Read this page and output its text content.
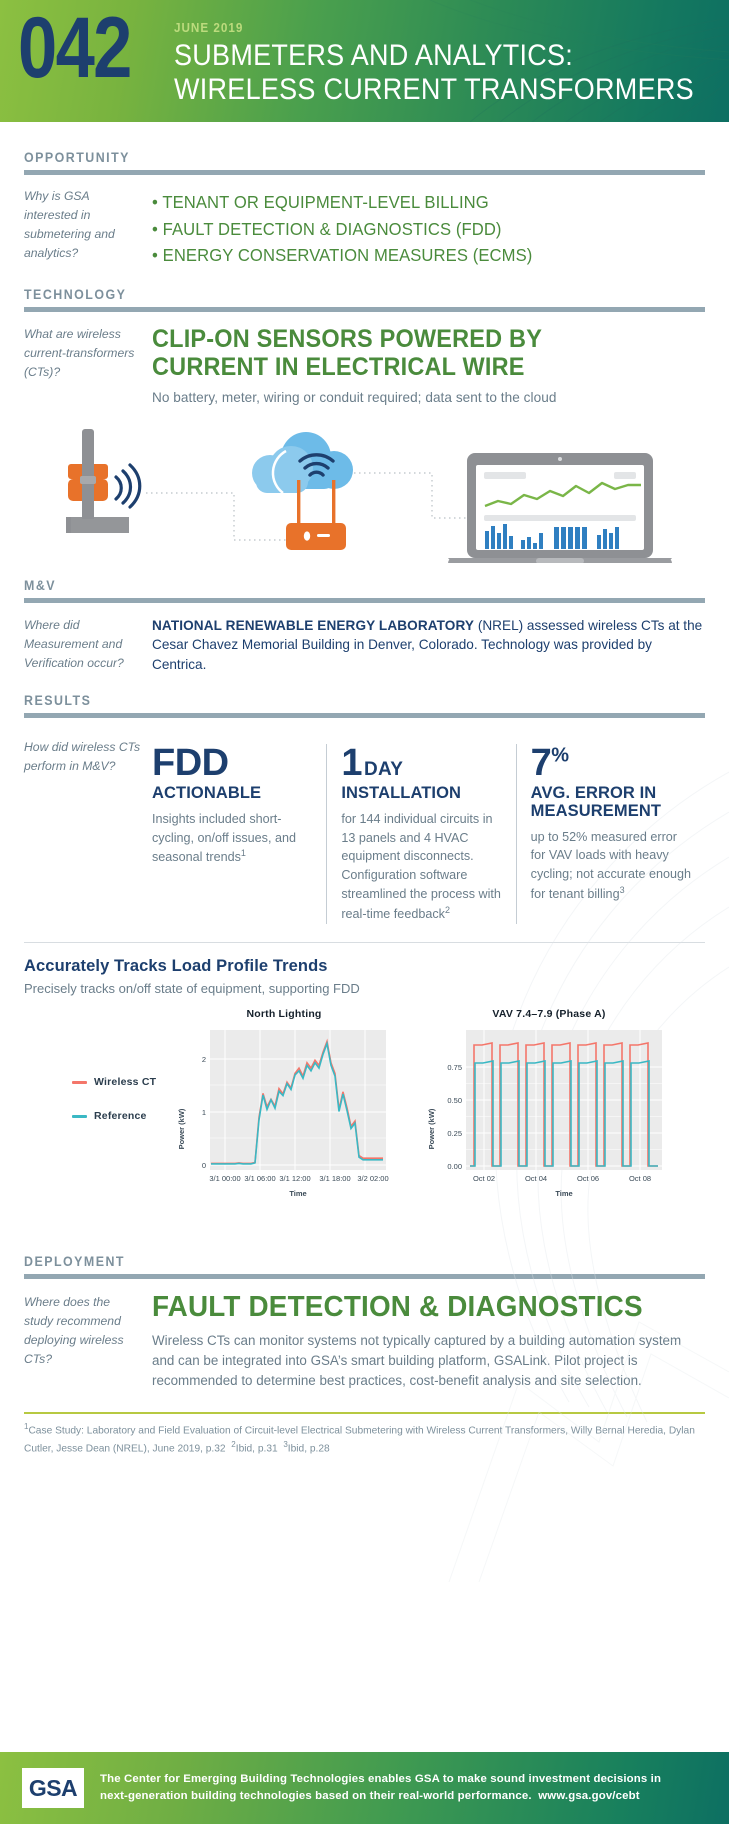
042	JUNE 2019
SUBMETERS AND ANALYTICS:
WIRELESS CURRENT TRANSFORMERS
OPPORTUNITY
Why is GSA interested in submetering and analytics?
• TENANT OR EQUIPMENT-LEVEL BILLING
• FAULT DETECTION & DIAGNOSTICS (FDD)
• ENERGY CONSERVATION MEASURES (ECMS)
TECHNOLOGY
What are wireless current-transformers (CTs)?
CLIP-ON SENSORS POWERED BY
CURRENT IN ELECTRICAL WIRE
No battery, meter, wiring or conduit required; data sent to the cloud
M&V
Where did Measurement and Verification occur?

NATIONAL RENEWABLE ENERGY LABORATORY (NREL) assessed wireless CTs at the Cesar Chavez Memorial Building in Denver, Colorado. Technology was provided by Centrica.

RESULTS
How did wireless CTs perform in M&V? FDD
ACTIONABLE
Insights included short-cycling, on/off issues, and seasonal trends$^1$
1 DAY
INSTALLATION
for 144 individual circuits in 13 panels and 4 HVAC equipment disconnects. Configuration software streamlined the process with real-time feedback$^2$
7%
AVG. ERROR IN MEASUREMENT
up to 52% measured error for VAV loads with heavy cycling; not accurate enough for tenant billing$^3$
Accurately Tracks Load Profile Trends
Precisely tracks on/off state of equipment, supporting FDD
Wireless CT
Reference
North Lighting
Power (kW)
0
1
2
3/1 00:00 3/1 06:00 3/1 12:00 3/1 18:00 3/2 02:00
Time
VAV 7.4–7.9 (Phase A)
Power (kW)
0.00
0.25
0.50
0.75
Oct 02	Oct 04	Oct 06	Oct 08
Time
DEPLOYMENT
Where does the study recommend deploying wireless CTs?
FAULT DETECTION & DIAGNOSTICS

Wireless CTs can monitor systems not typically captured by a building automation system and can be integrated into GSA’s smart building platform, GSALink. Pilot project is recommended to determine best practices, cost-benefit analysis and site selection.

$^1$Case Study: Laboratory and Field Evaluation of Circuit-level Electrical Submetering with Wireless Current Transformers, Willy Bernal Heredia, Dylan Cutler, Jesse Dean (NREL), June 2019, p.32 $^2$Ibid, p.31 $^3$Ibid, p.28

GSA	The Center for Emerging Building Technologies enables GSA to make sound investment decisions in
next-generation building technologies based on their real-world performance. www.gsa.gov/cebt
